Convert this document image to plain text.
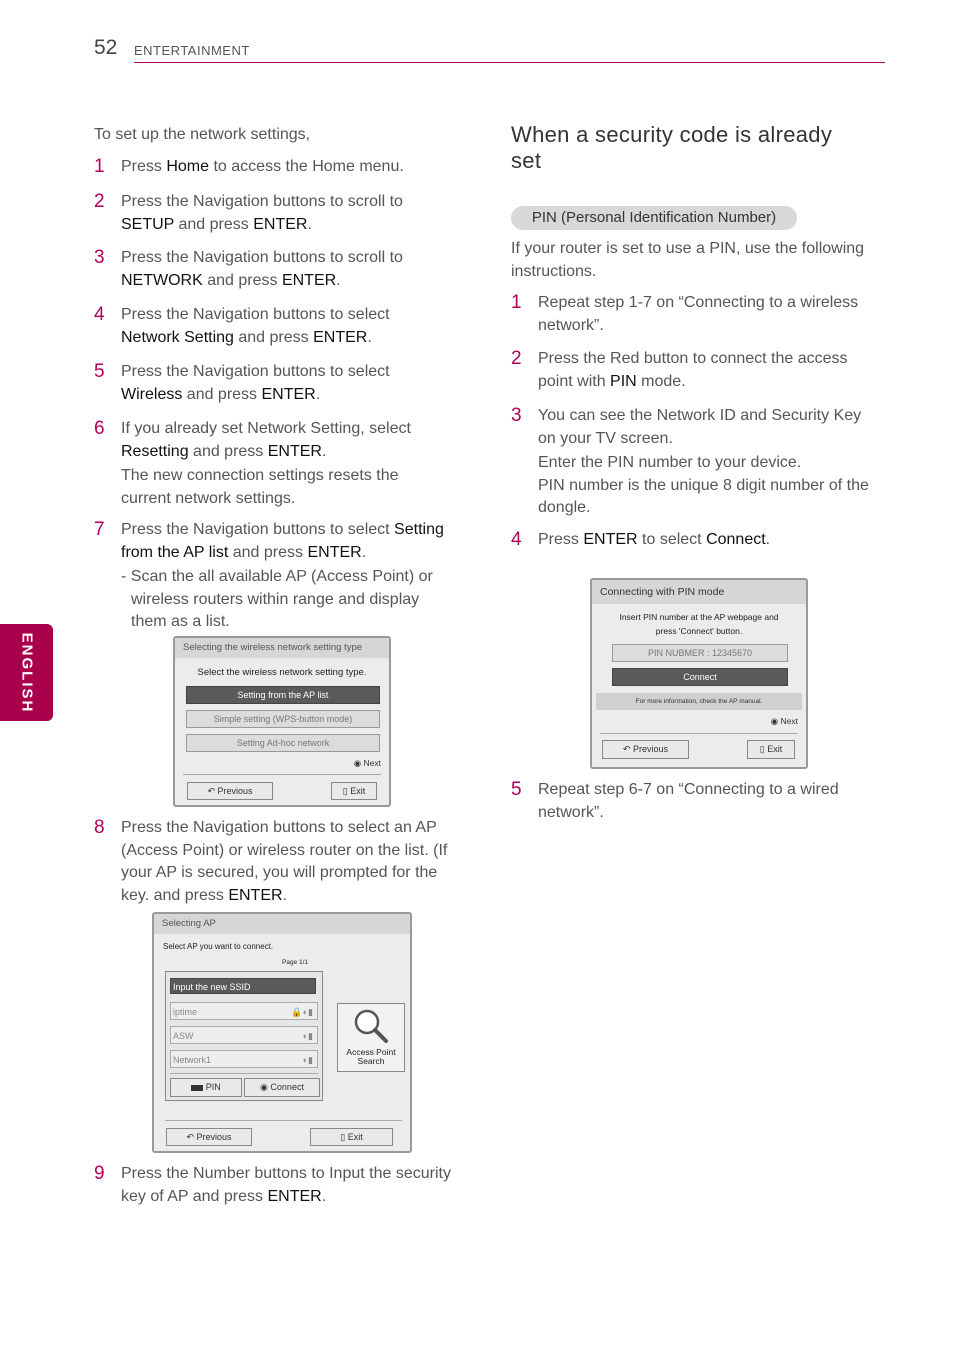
52 ENTERTAINMENT
ENGLISH
To set up the network settings,
1 Press Home to access the Home menu.
2 Press the Navigation buttons to scroll to
SETUP and press ENTER.
3 Press the Navigation buttons to scroll to
NETWORK and press ENTER.
4 Press the Navigation buttons to select
Network Setting and press ENTER.
5 Press the Navigation buttons to select
Wireless and press ENTER.
6 If you already set Network Setting, select
Resetting and press ENTER.
The new connection settings resets the
current network settings.
7 Press the Navigation buttons to select Setting
from the AP list and press ENTER.
- Scan the all available AP (Access Point) or
wireless routers within range and display
them as a list.
Selecting the wireless network setting type
Select the wireless network setting type.
Setting from the AP list
Simple setting (WPS-button mode)
Setting Ad-hoc network
◉ Next
↶ Previous	▯ Exit
8 Press the Navigation buttons to select an AP
(Access Point) or wireless router on the list. (If
your AP is secured, you will prompted for the
key. and press ENTER.
Selecting AP
Select AP you want to connect.
Page 1/1
Input the new SSID
iptime	🔒◐▮
ASW	◐▮
Network1	◐▮
PIN	◉ Connect
Access Point
Search
↶ Previous	▯ Exit
9 Press the Number buttons to Input the security
key of AP and press ENTER.
When a security code is already
set
PIN (Personal Identification Number)
If your router is set to use a PIN, use the following
instructions.
1 Repeat step 1-7 on “Connecting to a wireless
network”.
2 Press the Red button to connect the access
point with PIN mode.
3 You can see the Network ID and Security Key
on your TV screen.
Enter the PIN number to your device.
PIN number is the unique 8 digit number of the
dongle.
4 Press ENTER to select Connect.
Connecting with PIN mode
Insert PIN number at the AP webpage and
press 'Connect' button.
PIN NUBMER : 12345670
Connect
For more information, check the AP manual.
◉ Next
↶ Previous	▯ Exit
5 Repeat step 6-7 on “Connecting to a wired
network”.
